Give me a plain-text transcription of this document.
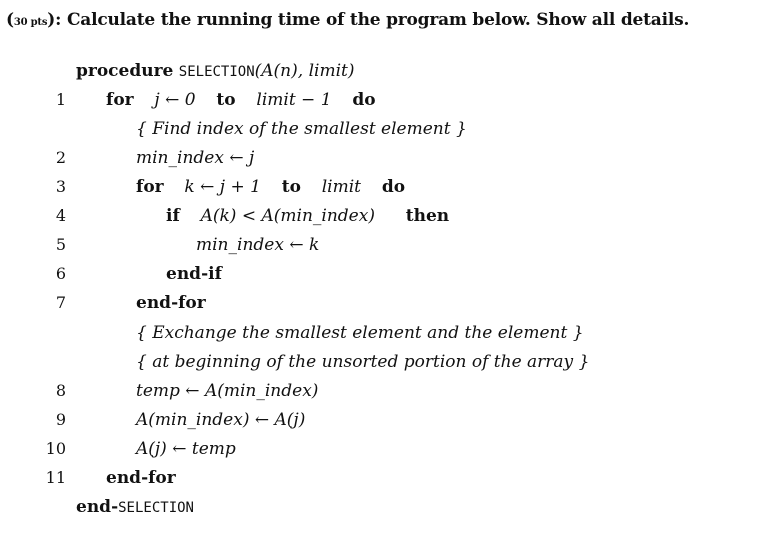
(30 pts): Calculate the running time of the program below. Show all details.
procedure SELECTION(A(n), limit)
1 for j ← 0 to limit − 1 do
{ Find index of the smallest element }
2	min_index ← j
3	for k ← j + 1 to limit do
4	if A(k) < A(min_index) then
5	min_index ← k
6	end-if
7	end-for
{ Exchange the smallest element and the element }
{ at beginning of the unsorted portion of the array }
8	temp ← A(min_index)
9	A(min_index) ← A(j)
10	A(j) ← temp
11 end-for
end-SELECTION
